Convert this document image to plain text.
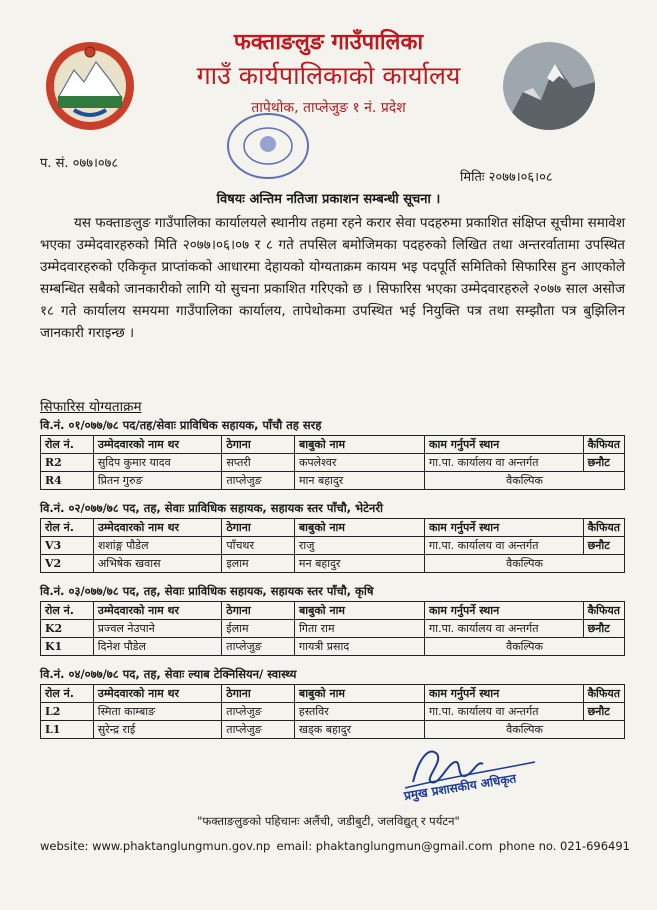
फक्ताङलुङ गाउँपालिका
गाउँ कार्यपालिकाको कार्यालय
तापेथोक, ताप्लेजुङ १ नं. प्रदेश
प. सं. ०७७।०७८
मितिः २०७७।०६।०८
विषयः अन्तिम नतिजा प्रकाशन सम्बन्धी सूचना ।

यस फक्ताङलुङ गाउँपालिका कार्यालयले स्थानीय तहमा रहने करार सेवा पदहरुमा प्रकाशित संक्षिप्त सूचीमा समावेश भएका उम्मेदवारहरुको मिति २०७७।०६।०७ र ८ गते तपसिल बमोजिमका पदहरुको लिखित तथा अन्तरर्वातामा उपस्थित उम्मेदवारहरुको एकिकृत प्राप्तांकको आधारमा देहायको योग्यताक्रम कायम भइ पदपूर्ति समितिको सिफारिस हुन आएकोले सम्बन्धित सबैको जानकारीको लागि यो सुचना प्रकाशित गरिएको छ । सिफारिस भएका उम्मेदवारहरुले २०७७ साल असोज १८ गते कार्यालय समयमा गाउँपालिका कार्यालय, तापेथोकमा उपस्थित भई नियुक्ति पत्र तथा सम्झौता पत्र बुझिलिन जानकारी गराइन्छ ।

सिफारिस योग्यताक्रम
वि.नं. ०१/०७७/७८ पद/तह/सेवाः प्राविधिक सहायक, पाँचौ तह सरह
रोल नं.	उम्मेदवारको नाम थर	ठेगाना	बाबुको नाम	काम गर्नुपर्ने स्थान	कैफियत
R2	सुदिप कुमार यादव	सप्तरी	कपलेश्वर	गा.पा. कार्यालय वा अन्तर्गत	छनौट
R4	प्रितन गुरुङ	ताप्लेजुङ	मान बहादुर	वैकल्पिक	
वि.नं. ०२/०७७/७८ पद, तह, सेवाः प्राविधिक सहायक, सहायक स्तर पाँचौ, भेटेनरी
रोल नं.	उम्मेदवारको नाम थर	ठेगाना	बाबुको नाम	काम गर्नुपर्ने स्थान	कैफियत
V3	शशांङ्ग पौडेल	पाँचथर	राजु	गा.पा. कार्यालय वा अन्तर्गत	छनौट
V2	अभिषेक खवास	इलाम	मन बहादुर	वैकल्पिक	
वि.नं. ०३/०७७/७८ पद, तह, सेवाः प्राविधिक सहायक, सहायक स्तर पाँचौ, कृषि
रोल नं.	उम्मेदवारको नाम थर	ठेगाना	बाबुको नाम	काम गर्नुपर्ने स्थान	कैफियत
K2	प्रज्वल नेउपाने	ईलाम	गिता राम	गा.पा. कार्यालय वा अन्तर्गत	छनौट
K1	दिनेश पौडेल	ताप्लेजुङ	गायत्री प्रसाद	वैकल्पिक	
वि.नं. ०४/०७७/७८ पद, तह, सेवाः ल्याब टेक्निसियन/ स्वास्थ्य
रोल नं.	उम्मेदवारको नाम थर	ठेगाना	बाबुको नाम	काम गर्नुपर्ने स्थान	कैफियत
L2	स्मिता काम्बाङ	ताप्लेजुङ	हस्तविर	गा.पा. कार्यालय वा अन्तर्गत	छनौट
L1	सुरेन्द्र राई	ताप्लेजुङ	खड्क बहादुर	वैकल्पिक	
प्रमुख प्रशासकीय अधिकृत
"फक्ताङलुङको पहिचानः अलैंची, जडीबुटी, जलविद्युत् र पर्यटन"
website: www.phaktanglungmun.gov.np email: phaktanglungmun@gmail.com phone no. 021-696491
